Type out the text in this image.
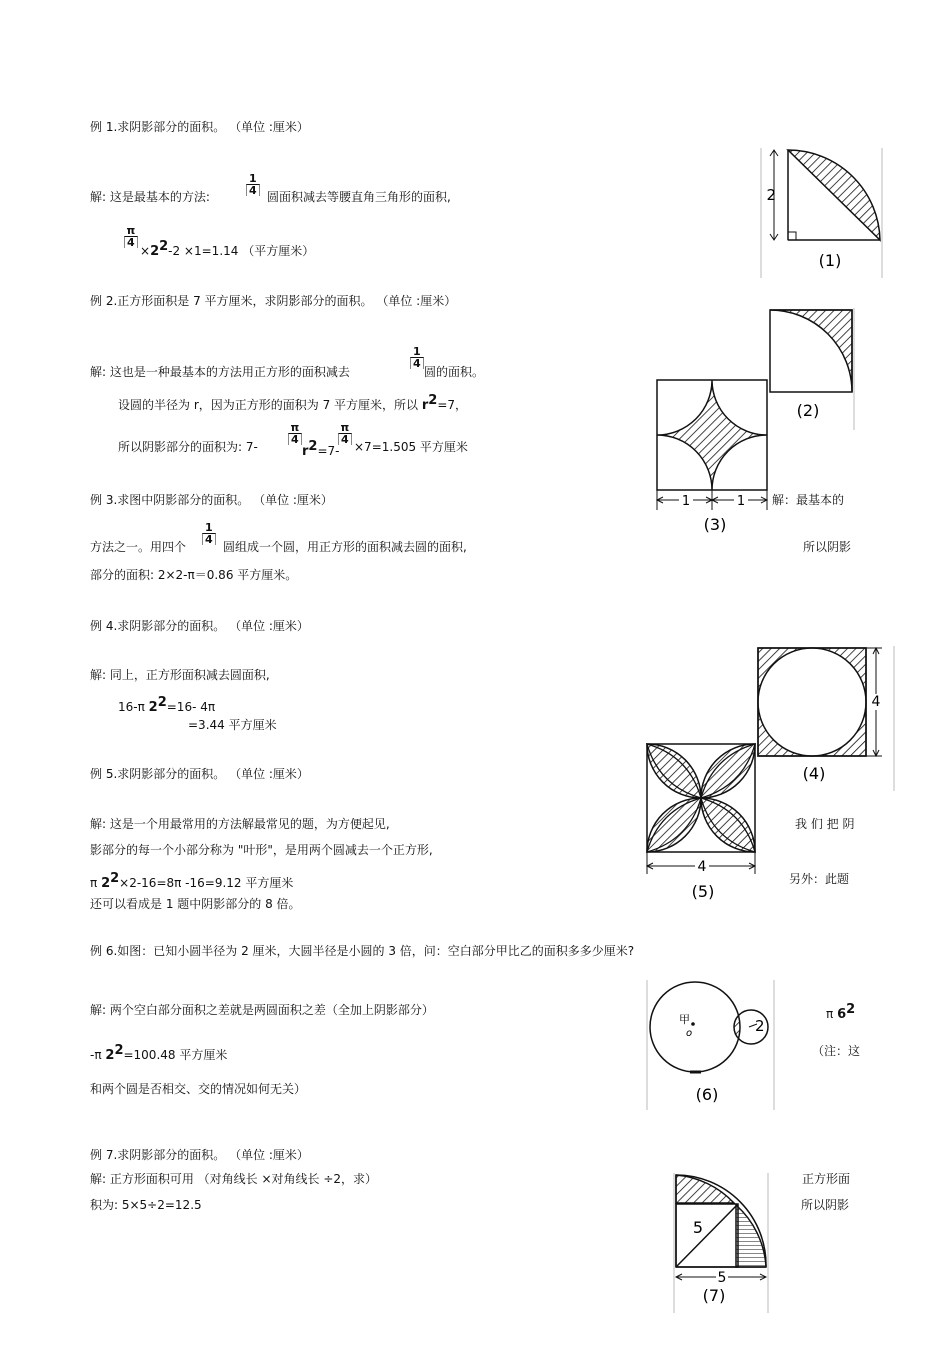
例 1.求阴影部分的面积。 （单位 :厘米）
解: 这是最基本的方法:
$\frac{1}{4}$
圆面积减去等腰直角三角形的面积,
$\frac{\pi}{4}$
$\times 2^2-2 \times 1=1.14$ （平方厘米）
2
(1)
例 2.正方形面积是 7 平方厘米，求阴影部分的面积。 （单位 :厘米）
解: 这也是一种最基本的方法用正方形的面积减去
$\frac{1}{4}$
圆的面积。
设圆的半径为 r，因为正方形的面积为 7 平方厘米，所以 $r^2=7$，
所以阴影部分的面积为: 7-
$\frac{\pi}{4}$
$r^2=7-$
$\frac{\pi}{4}$
×7=1.505 平方厘米
(2)
例 3.求图中阴影部分的面积。 （单位 :厘米）	解：最基本的
方法之一。用四个
$\frac{1}{4}$
圆组成一个圆，用正方形的面积减去圆的面积,	所以阴影
部分的面积: 2×2-π＝0.86 平方厘米。
1	1
(3)
例 4.求阴影部分的面积。 （单位 :厘米）
解: 同上，正方形面积减去圆面积,
16-π $2^2=16-$ 4π
=3.44 平方厘米
4
(4)
例 5.求阴影部分的面积。 （单位 :厘米）
解: 这是一个用最常用的方法解最常见的题，为方便起见,	我 们 把 阴
影部分的每一个小部分称为 "叶形"，是用两个圆减去一个正方形,
π $2^2\times 2-16=8\pi$ -16=9.12 平方厘米	另外：此题
还可以看成是 1 题中阴影部分的 8 倍。
4
(5)
例 6.如图：已知小圆半径为 2 厘米，大圆半径是小圆的 3 倍，问：空白部分甲比乙的面积多多少厘米?
解: 两个空白部分面积之差就是两圆面积之差（全加上阴影部分）	π $6^2$
-π $2^2=100.48$ 平方厘米	（注：这
和两个圆是否相交、交的情况如何无关）
甲
o	2
(6)
例 7.求阴影部分的面积。 （单位 :厘米）
解: 正方形面积可用 （对角线长 ×对角线长 ÷2，求）	正方形面
积为: 5×5÷2=12.5	所以阴影
5
5
(7)
